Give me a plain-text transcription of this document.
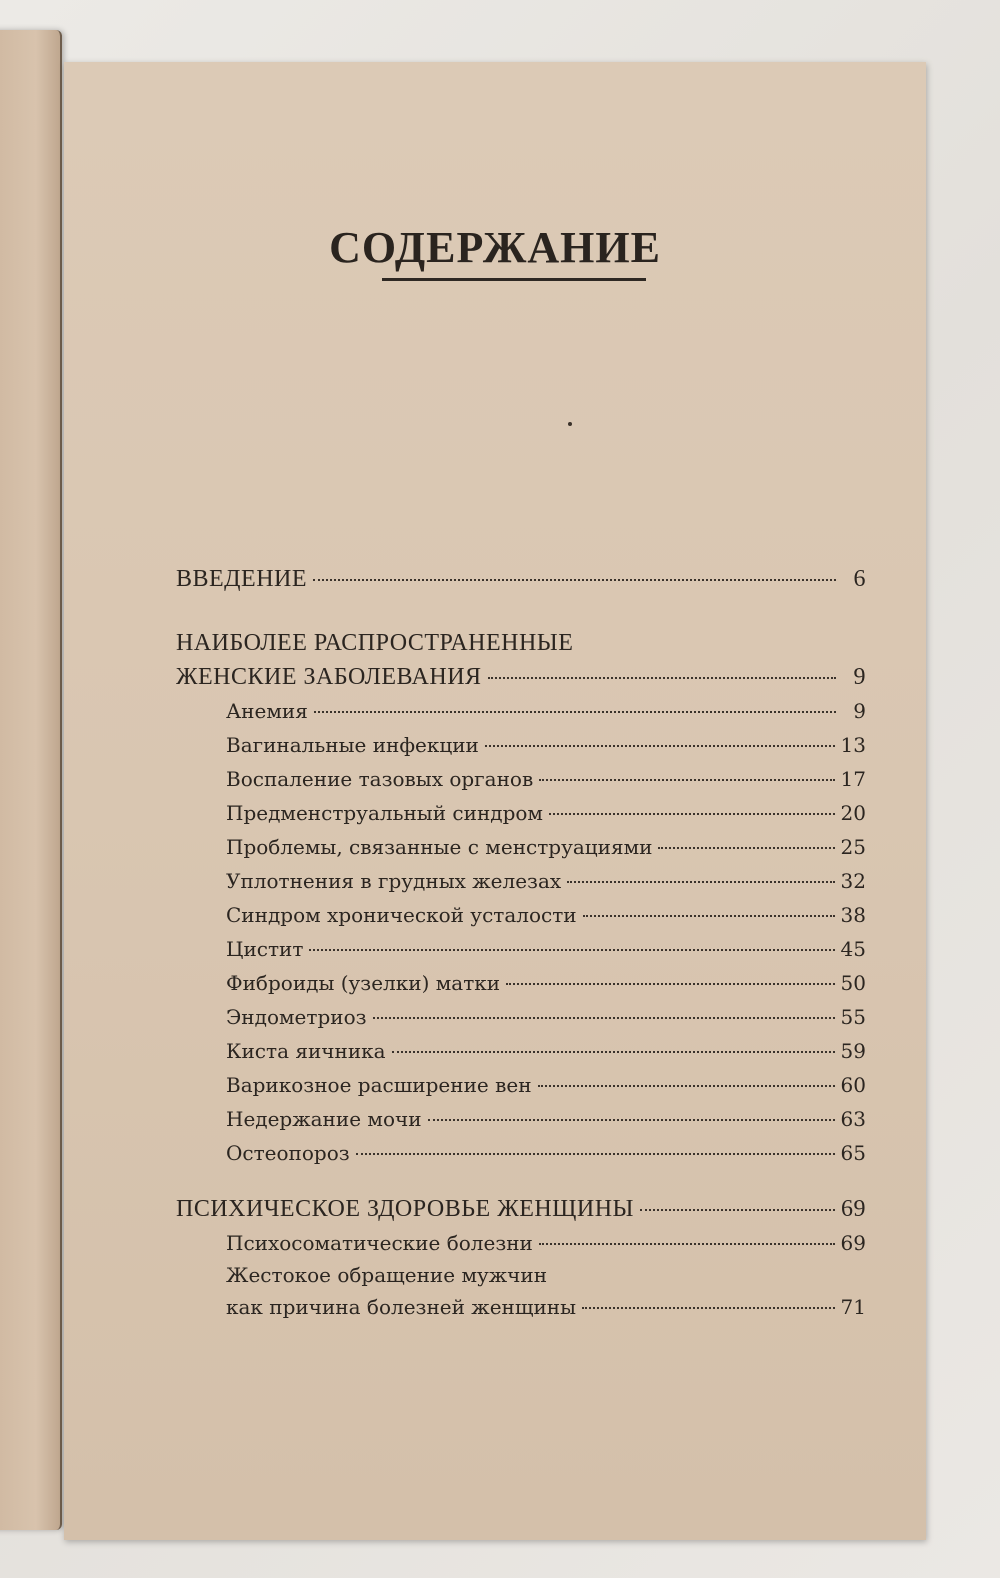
СОДЕРЖАНИЕ
ВВЕДЕНИЕ	6
НАИБОЛЕЕ РАСПРОСТРАНЕННЫЕ
ЖЕНСКИЕ ЗАБОЛЕВАНИЯ	9
Анемия	9
Вагинальные инфекции	13
Воспаление тазовых органов	17
Предменструальный синдром	20
Проблемы, связанные с менструациями	25
Уплотнения в грудных железах	32
Синдром хронической усталости	38
Цистит	45
Фиброиды (узелки) матки	50
Эндометриоз	55
Киста яичника	59
Варикозное расширение вен	60
Недержание мочи	63
Остеопороз	65
ПСИХИЧЕСКОЕ ЗДОРОВЬЕ ЖЕНЩИНЫ	69
Психосоматические болезни	69
Жестокое обращение мужчин
как причина болезней женщины	71
